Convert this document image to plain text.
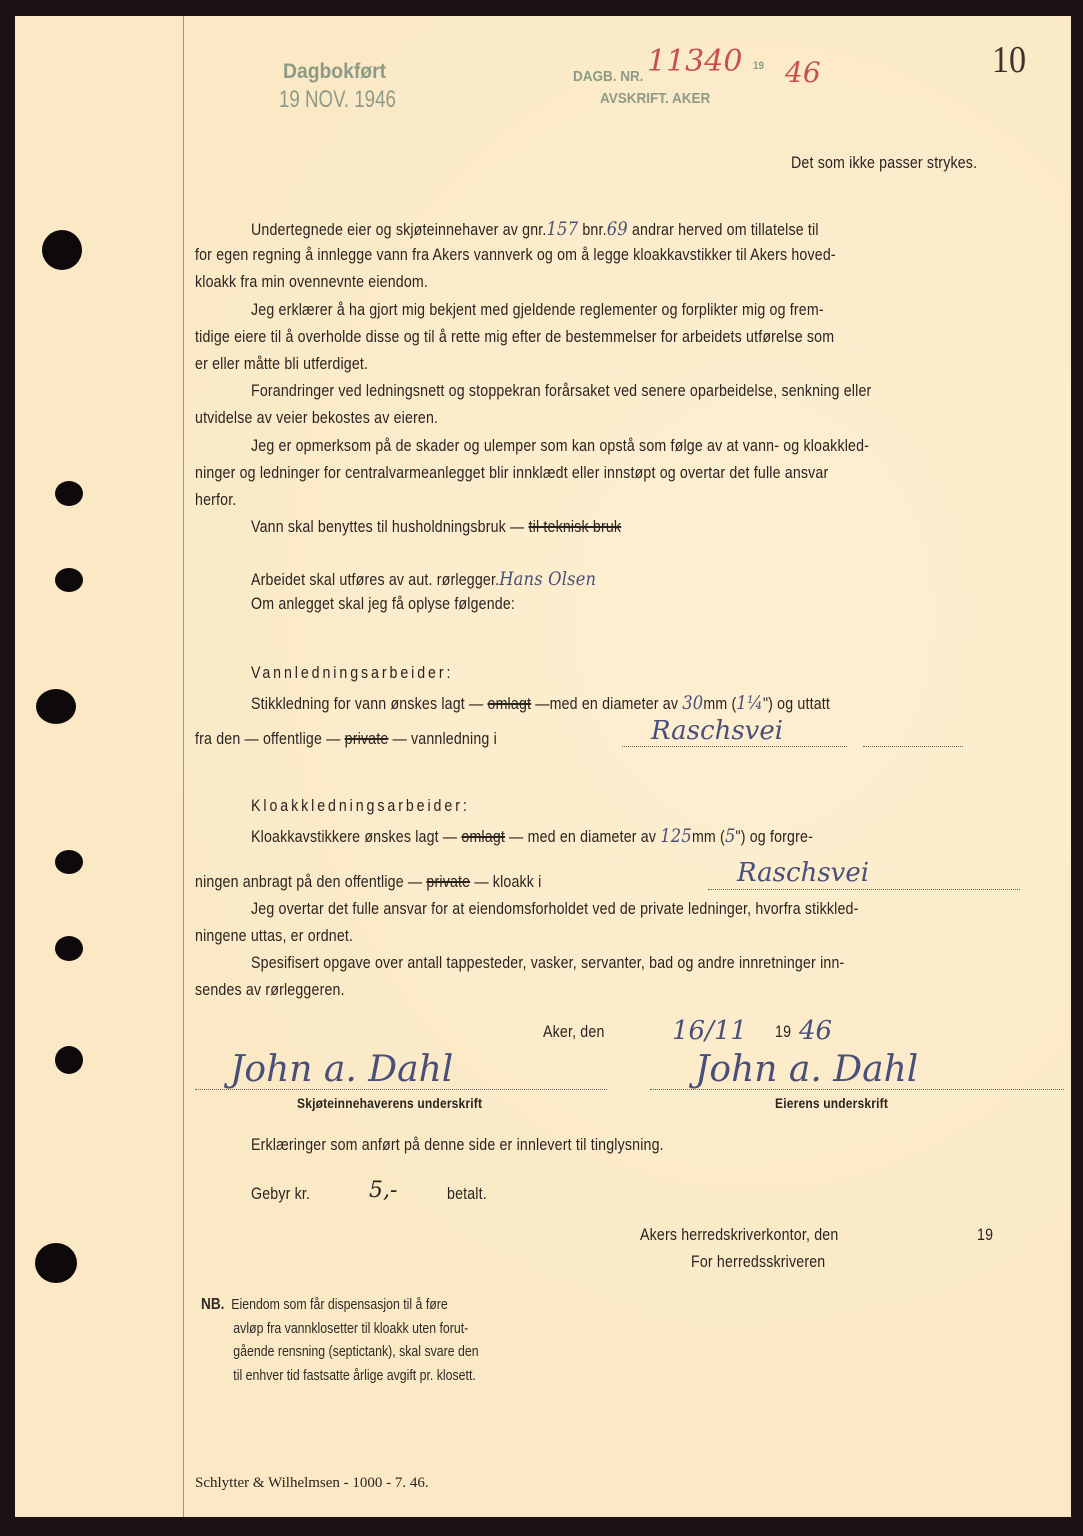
Dagbokført
19 NOV. 1946
DAGB. NR. 11340 19 46
AVSKRIFT. AKER
10
Det som ikke passer strykes.
Undertegnede eier og skjøteinnehaver av gnr.157 bnr.69 andrar herved om tillatelse til
for egen regning å innlegge vann fra Akers vannverk og om å legge kloakkavstikker til Akers hoved-
kloakk fra min ovennevnte eiendom.
Jeg erklærer å ha gjort mig bekjent med gjeldende reglementer og forplikter mig og frem-
tidige eiere til å overholde disse og til å rette mig efter de bestemmelser for arbeidets utførelse som
er eller måtte bli utferdiget.
Forandringer ved ledningsnett og stoppekran forårsaket ved senere oparbeidelse, senkning eller
utvidelse av veier bekostes av eieren.
Jeg er opmerksom på de skader og ulemper som kan opstå som følge av at vann- og kloakkled-
ninger og ledninger for centralvarmeanlegget blir innklædt eller innstøpt og overtar det fulle ansvar
herfor.
Vann skal benyttes til husholdningsbruk — til teknisk bruk
Arbeidet skal utføres av aut. rørlegger.Hans Olsen
Om anlegget skal jeg få oplyse følgende:
Vannledningsarbeider:
Stikkledning for vann ønskes lagt — omlagt —med en diameter av 30mm (1¼") og uttatt
fra den — offentlige — private — vannledning i	Raschsvei
Kloakkledningsarbeider:
Kloakkavstikkere ønskes lagt — omlagt — med en diameter av 125mm (5") og forgre-
ningen anbragt på den offentlige — private — kloakk i	Raschsvei
Jeg overtar det fulle ansvar for at eiendomsforholdet ved de private ledninger, hvorfra stikkled-
ningene uttas, er ordnet.
Spesifisert opgave over antall tappesteder, vasker, servanter, bad og andre innretninger inn-
sendes av rørleggeren.
Aker, den	16/11 19 46
John a. Dahl	John a. Dahl
Skjøteinnehaverens underskrift	Eierens underskrift
Erklæringer som anført på denne side er innlevert til tinglysning.
Gebyr kr.	5,-	betalt.
Akers herredskriverkontor, den	19
For herredsskriveren
NB. Eiendom som får dispensasjon til å føre
avløp fra vannklosetter til kloakk uten forut-
gående rensning (septictank), skal svare den
til enhver tid fastsatte årlige avgift pr. klosett.
Schlytter & Wilhelmsen - 1000 - 7. 46.
